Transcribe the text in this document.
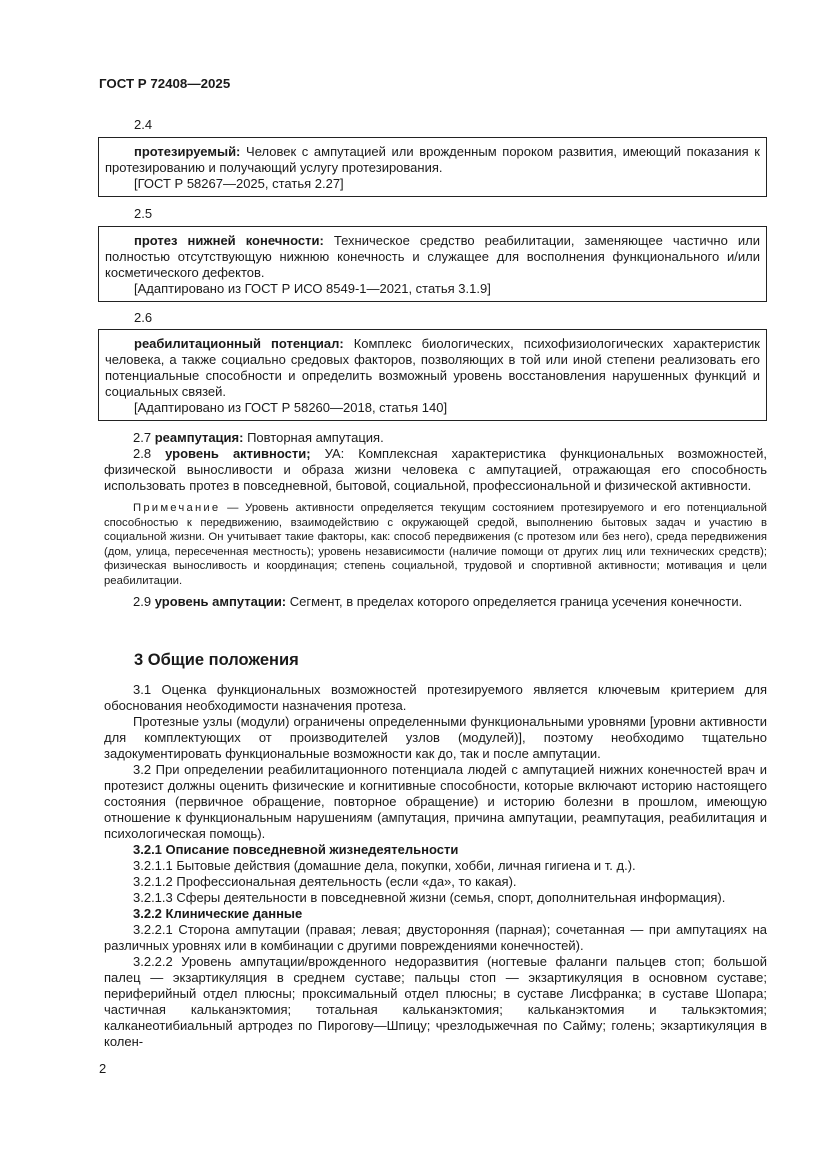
ГОСТ Р 72408—2025
2.4

протезируемый: Человек с ампутацией или врожденным пороком развития, имеющий показания к протезированию и получающий услугу протезирования.

[ГОСТ Р 58267—2025, статья 2.27]

2.5

протез нижней конечности: Техническое средство реабилитации, заменяющее частично или полностью отсутствующую нижнюю конечность и служащее для восполнения функционального и/или косметического дефектов.

[Адаптировано из ГОСТ Р ИСО 8549-1—2021, статья 3.1.9]

2.6

реабилитационный потенциал: Комплекс биологических, психофизиологических характеристик человека, а также социально средовых факторов, позволяющих в той или иной степени реализовать его потенциальные способности и определить возможный уровень восстановления нарушенных функций и социальных связей.

[Адаптировано из ГОСТ Р 58260—2018, статья 140]

2.7 реампутация: Повторная ампутация.

2.8 уровень активности; УА: Комплексная характеристика функциональных возможностей, физической выносливости и образа жизни человека с ампутацией, отражающая его способность использовать протез в повседневной, бытовой, социальной, профессиональной и физической активности.

Примечание — Уровень активности определяется текущим состоянием протезируемого и его потенциальной способностью к передвижению, взаимодействию с окружающей средой, выполнению бытовых задач и участию в социальной жизни. Он учитывает такие факторы, как: способ передвижения (с протезом или без него), среда передвижения (дом, улица, пересеченная местность); уровень независимости (наличие помощи от других лиц или технических средств); физическая выносливость и координация; степень социальной, трудовой и спортивной активности; мотивация и цели реабилитации.

2.9 уровень ампутации: Сегмент, в пределах которого определяется граница усечения конечности.

3 Общие положения

3.1 Оценка функциональных возможностей протезируемого является ключевым критерием для обоснования необходимости назначения протеза.

Протезные узлы (модули) ограничены определенными функциональными уровнями [уровни активности для комплектующих от производителей узлов (модулей)], поэтому необходимо тщательно задокументировать функциональные возможности как до, так и после ампутации.

3.2 При определении реабилитационного потенциала людей с ампутацией нижних конечностей врач и протезист должны оценить физические и когнитивные способности, которые включают историю настоящего состояния (первичное обращение, повторное обращение) и историю болезни в прошлом, имеющую отношение к функциональным нарушениям (ампутация, причина ампутации, реампутация, реабилитация и психологическая помощь).

3.2.1 Описание повседневной жизнедеятельности

3.2.1.1 Бытовые действия (домашние дела, покупки, хобби, личная гигиена и т. д.).

3.2.1.2 Профессиональная деятельность (если «да», то какая).

3.2.1.3 Сферы деятельности в повседневной жизни (семья, спорт, дополнительная информация).

3.2.2 Клинические данные

3.2.2.1 Сторона ампутации (правая; левая; двусторонняя (парная); сочетанная — при ампутациях на различных уровнях или в комбинации с другими повреждениями конечностей).

3.2.2.2 Уровень ампутации/врожденного недоразвития (ногтевые фаланги пальцев стоп; большой палец — экзартикуляция в среднем суставе; пальцы стоп — экзартикуляция в основном суставе; периферийный отдел плюсны; проксимальный отдел плюсны; в суставе Лисфранка; в суставе Шопара; частичная кальканэктомия; тотальная кальканэктомия; кальканэктомия и талькэктомия; калканеотибиальный артродез по Пирогову—Шпицу; чрезлодыжечная по Сайму; голень; экзартикуляция в колен-

2
